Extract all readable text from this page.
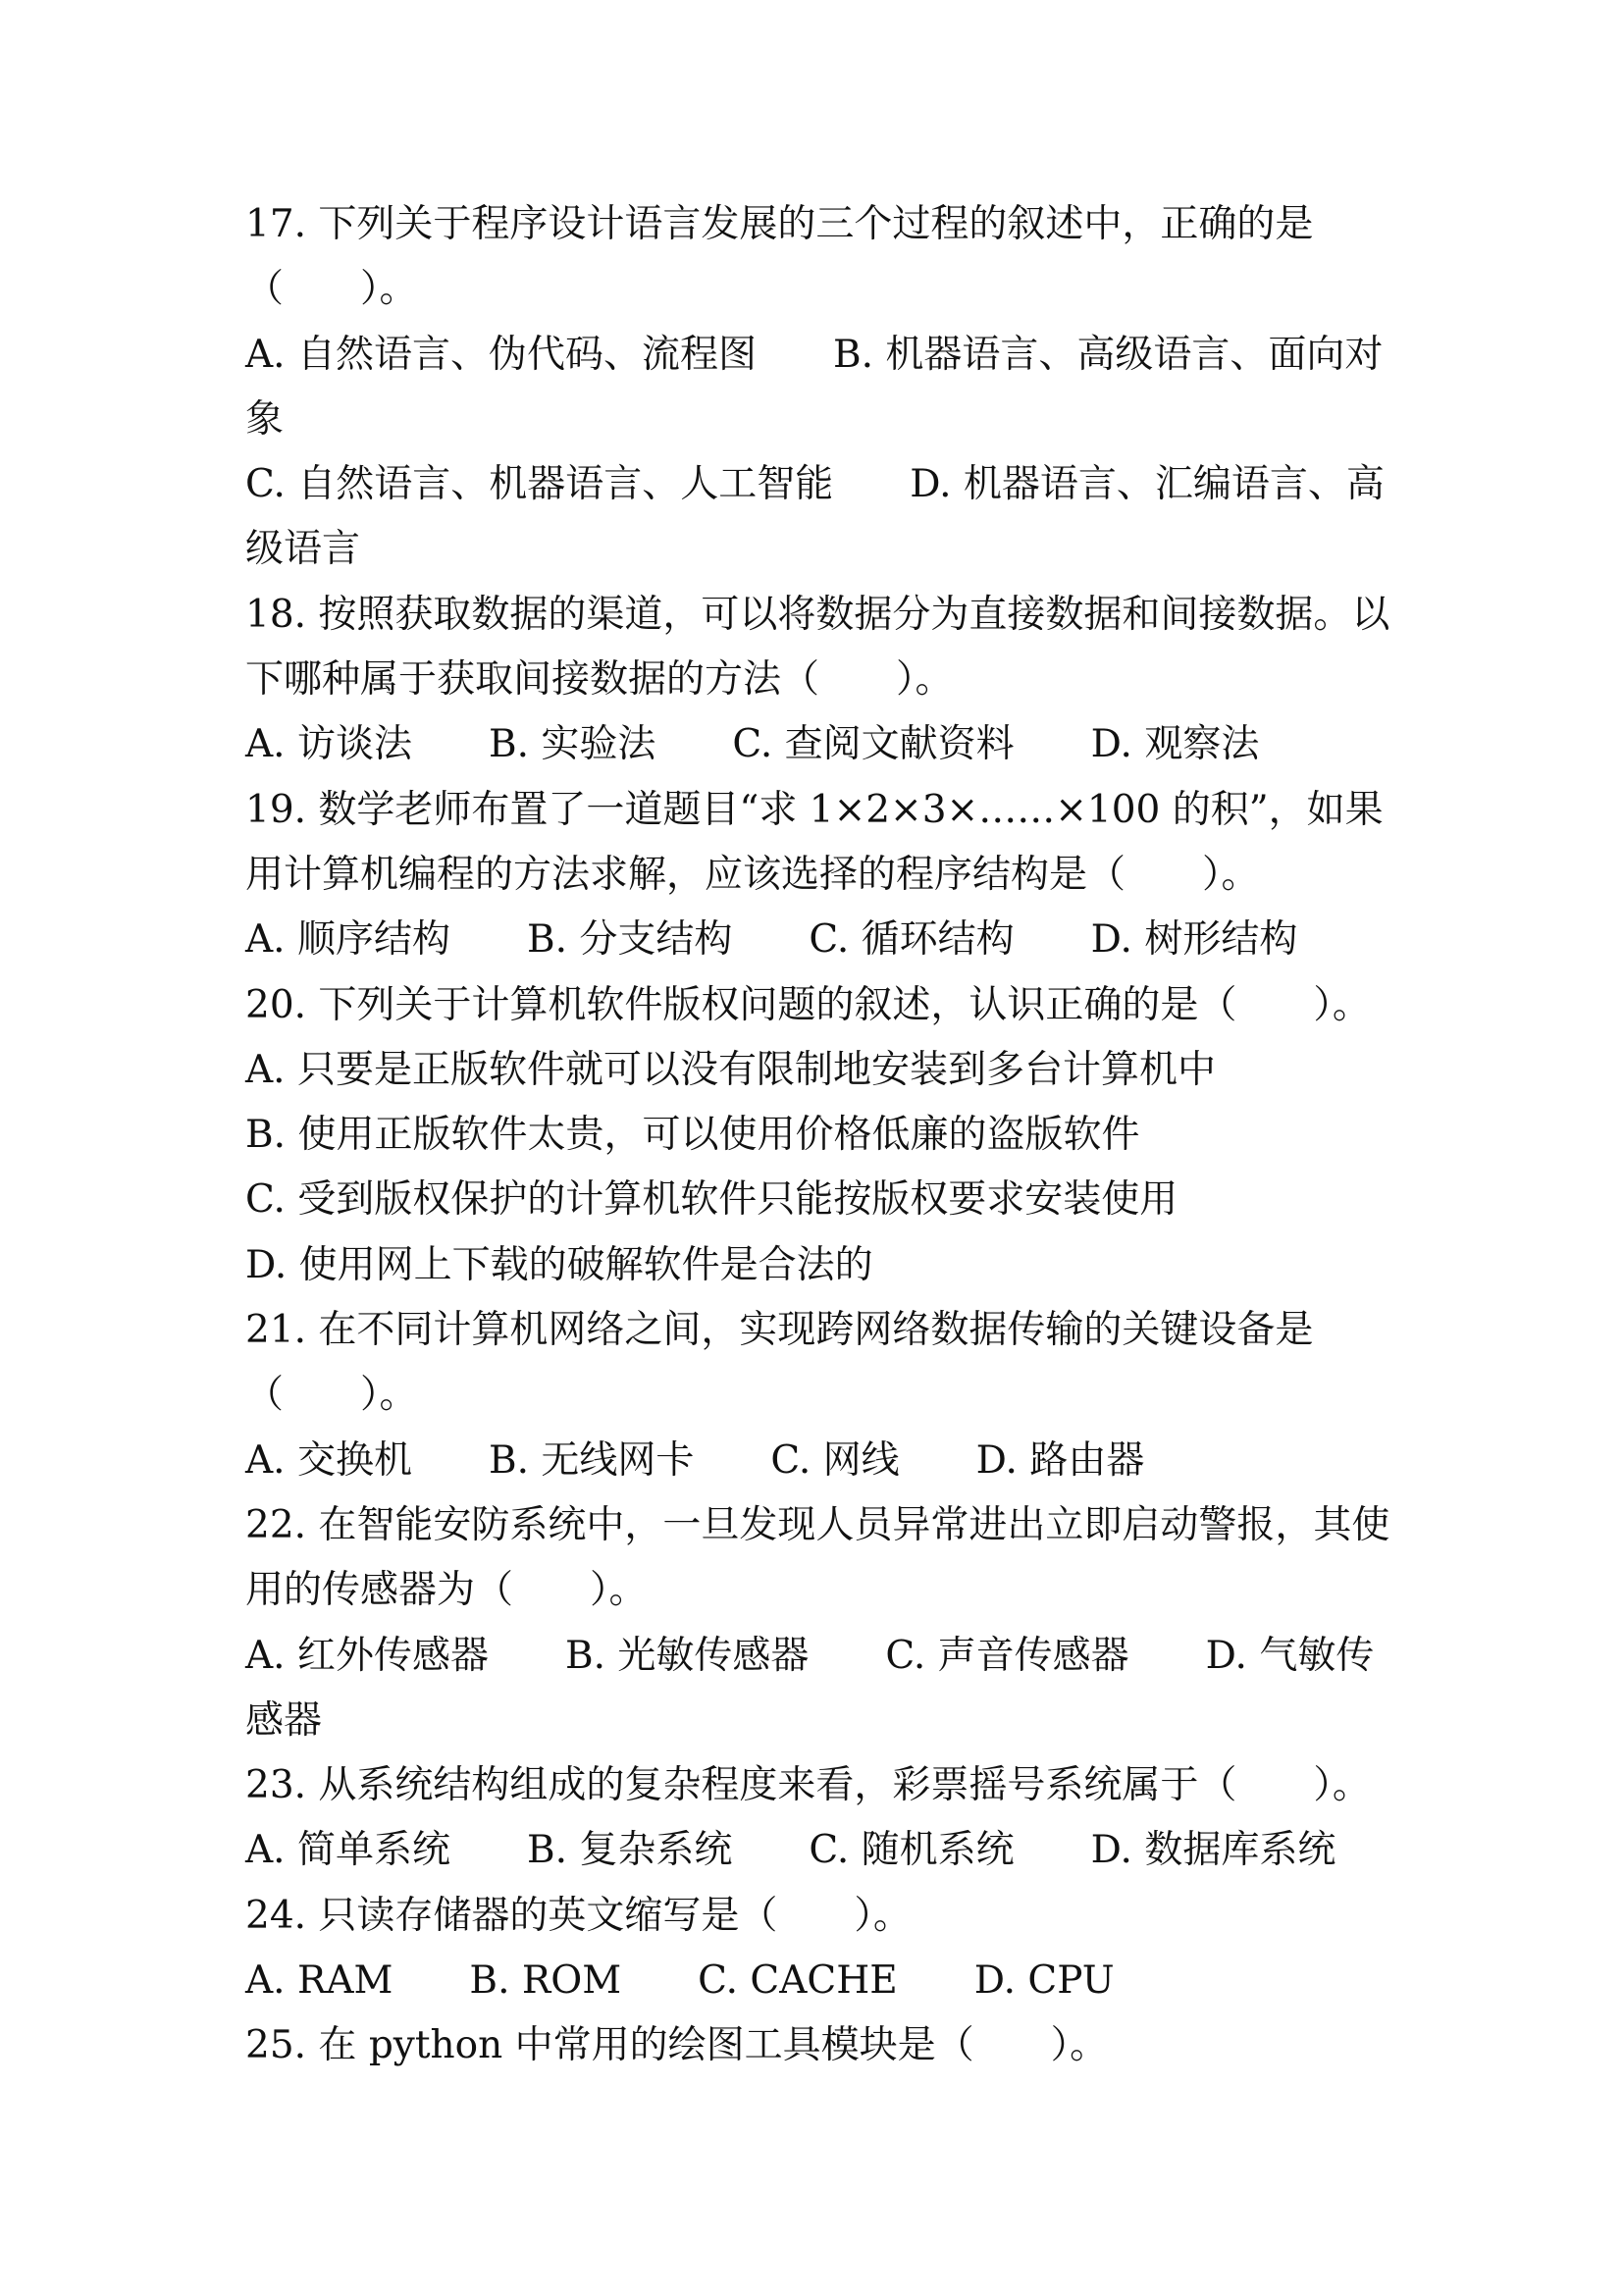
17. 下列关于程序设计语言发展的三个过程的叙述中，正确的是
（　　）。
A. 自然语言、伪代码、流程图　　B. 机器语言、高级语言、面向对
象
C. 自然语言、机器语言、人工智能　　D. 机器语言、汇编语言、高
级语言
18. 按照获取数据的渠道，可以将数据分为直接数据和间接数据。以
下哪种属于获取间接数据的方法（　　）。
A. 访谈法　　B. 实验法　　C. 查阅文献资料　　D. 观察法
19. 数学老师布置了一道题目“求 1×2×3×……×100 的积”，如果
用计算机编程的方法求解，应该选择的程序结构是（　　）。
A. 顺序结构　　B. 分支结构　　C. 循环结构　　D. 树形结构
20. 下列关于计算机软件版权问题的叙述，认识正确的是（　　）。
A. 只要是正版软件就可以没有限制地安装到多台计算机中
B. 使用正版软件太贵，可以使用价格低廉的盗版软件
C. 受到版权保护的计算机软件只能按版权要求安装使用
D. 使用网上下载的破解软件是合法的
21. 在不同计算机网络之间，实现跨网络数据传输的关键设备是
（　　）。
A. 交换机　　B. 无线网卡　　C. 网线　　D. 路由器
22. 在智能安防系统中，一旦发现人员异常进出立即启动警报，其使
用的传感器为（　　）。
A. 红外传感器　　B. 光敏传感器　　C. 声音传感器　　D. 气敏传
感器
23. 从系统结构组成的复杂程度来看，彩票摇号系统属于（　　）。
A. 简单系统　　B. 复杂系统　　C. 随机系统　　D. 数据库系统
24. 只读存储器的英文缩写是（　　）。
A. RAM　　B. ROM　　C. CACHE　　D. CPU
25. 在 python 中常用的绘图工具模块是（　　）。
